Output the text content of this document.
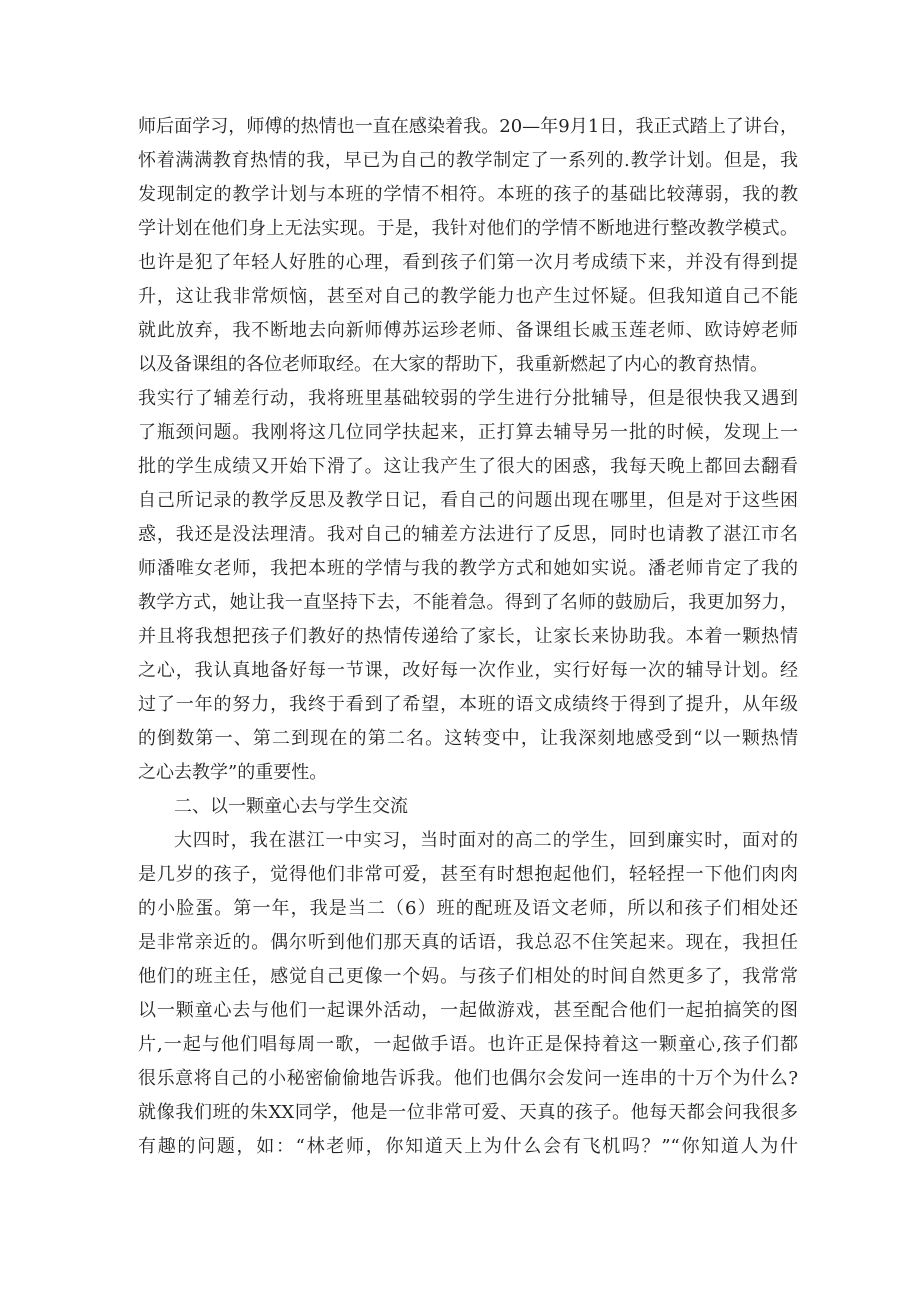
师后面学习，师傅的热情也一直在感染着我。20—年9月1日，我正式踏上了讲台，
怀着满满教育热情的我，早已为自己的教学制定了一系列的.教学计划。但是，我
发现制定的教学计划与本班的学情不相符。本班的孩子的基础比较薄弱，我的教
学计划在他们身上无法实现。于是，我针对他们的学情不断地进行整改教学模式。
也许是犯了年轻人好胜的心理，看到孩子们第一次月考成绩下来，并没有得到提
升，这让我非常烦恼，甚至对自己的教学能力也产生过怀疑。但我知道自己不能
就此放弃，我不断地去向新师傅苏运珍老师、备课组长戚玉莲老师、欧诗婷老师
以及备课组的各位老师取经。在大家的帮助下，我重新燃起了内心的教育热情。
我实行了辅差行动，我将班里基础较弱的学生进行分批辅导，但是很快我又遇到
了瓶颈问题。我刚将这几位同学扶起来，正打算去辅导另一批的时候，发现上一
批的学生成绩又开始下滑了。这让我产生了很大的困惑，我每天晚上都回去翻看
自己所记录的教学反思及教学日记，看自己的问题出现在哪里，但是对于这些困
惑，我还是没法理清。我对自己的辅差方法进行了反思，同时也请教了湛江市名
师潘唯女老师，我把本班的学情与我的教学方式和她如实说。潘老师肯定了我的
教学方式，她让我一直坚持下去，不能着急。得到了名师的鼓励后，我更加努力，
并且将我想把孩子们教好的热情传递给了家长，让家长来协助我。本着一颗热情
之心，我认真地备好每一节课，改好每一次作业，实行好每一次的辅导计划。经
过了一年的努力，我终于看到了希望，本班的语文成绩终于得到了提升，从年级
的倒数第一、第二到现在的第二名。这转变中，让我深刻地感受到“以一颗热情
之心去教学”的重要性。
二、以一颗童心去与学生交流
大四时，我在湛江一中实习，当时面对的高二的学生，回到廉实时，面对的
是几岁的孩子，觉得他们非常可爱，甚至有时想抱起他们，轻轻捏一下他们肉肉
的小脸蛋。第一年，我是当二（6）班的配班及语文老师，所以和孩子们相处还
是非常亲近的。偶尔听到他们那天真的话语，我总忍不住笑起来。现在，我担任
他们的班主任，感觉自己更像一个妈。与孩子们相处的时间自然更多了，我常常
以一颗童心去与他们一起课外活动，一起做游戏，甚至配合他们一起拍搞笑的图
片,一起与他们唱每周一歌，一起做手语。也许正是保持着这一颗童心,孩子们都
很乐意将自己的小秘密偷偷地告诉我。他们也偶尔会发问一连串的十万个为什么?
就像我们班的朱XX同学，他是一位非常可爱、天真的孩子。他每天都会问我很多
有趣的问题，如：“林老师，你知道天上为什么会有飞机吗？”“你知道人为什
